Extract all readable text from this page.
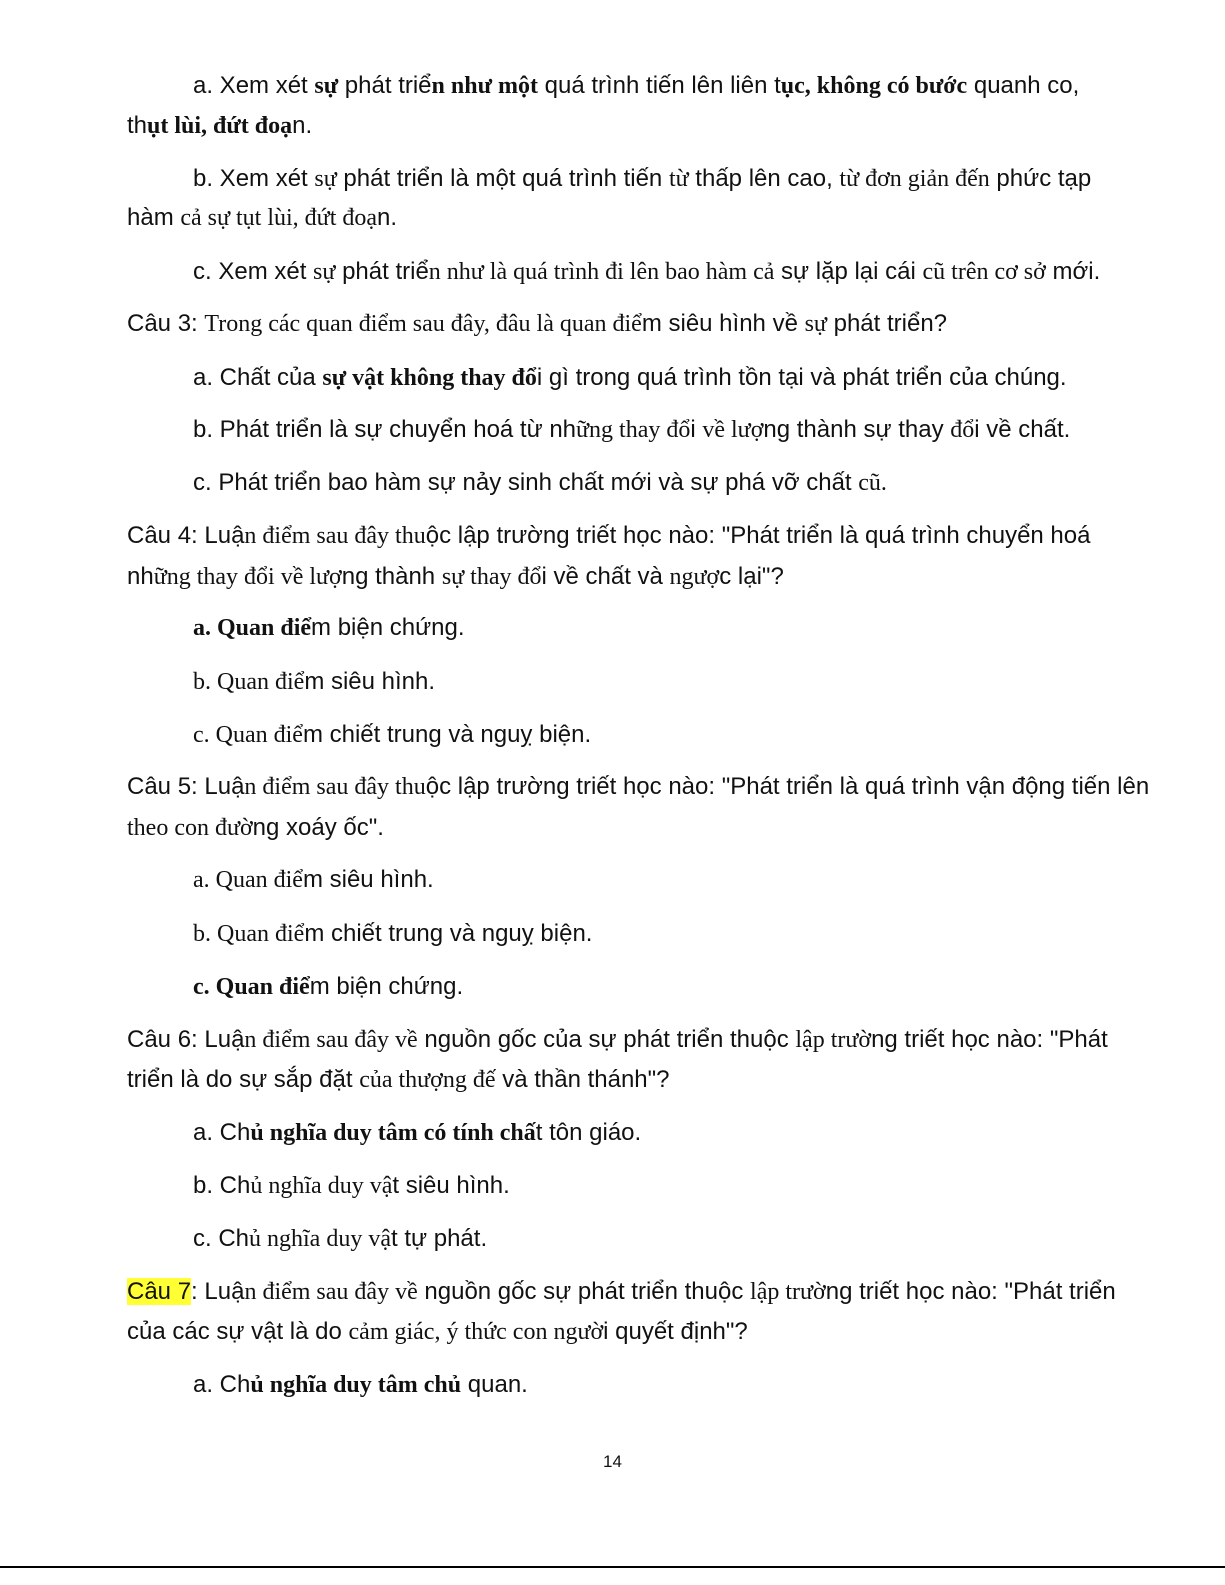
a. Xem xét sự phát triển như một quá trình tiến lên liên tục, không có bước quanh co,
thụt lùi, đứt đoạn.
b. Xem xét sự phát triển là một quá trình tiến từ thấp lên cao, từ đơn giản đến phức tạp
hàm cả sự tụt lùi, đứt đoạn.
c. Xem xét sự phát triển như là quá trình đi lên bao hàm cả sự lặp lại cái cũ trên cơ sở mới.
Câu 3: Trong các quan điểm sau đây, đâu là quan điểm siêu hình về sự phát triển?
a. Chất của sự vật không thay đổi gì trong quá trình tồn tại và phát triển của chúng.
b. Phát triển là sự chuyển hoá từ những thay đổi về lượng thành sự thay đổi về chất.
c. Phát triển bao hàm sự nảy sinh chất mới và sự phá vỡ chất cũ.
Câu 4: Luận điểm sau đây thuộc lập trường triết học nào: "Phát triển là quá trình chuyển hoá
những thay đổi về lượng thành sự thay đổi về chất và ngược lại"?
a. Quan điểm biện chứng.
b. Quan điểm siêu hình.
c. Quan điểm chiết trung và nguỵ biện.
Câu 5: Luận điểm sau đây thuộc lập trường triết học nào: "Phát triển là quá trình vận động tiến lên
theo con đường xoáy ốc".
a. Quan điểm siêu hình.
b. Quan điểm chiết trung và nguỵ biện.
c. Quan điểm biện chứng.
Câu 6: Luận điểm sau đây về nguồn gốc của sự phát triển thuộc lập trường triết học nào: "Phát
triển là do sự sắp đặt của thượng đế và thần thánh"?
a. Chủ nghĩa duy tâm có tính chất tôn giáo.
b. Chủ nghĩa duy vật siêu hình.
c. Chủ nghĩa duy vật tự phát.
Câu 7: Luận điểm sau đây về nguồn gốc sự phát triển thuộc lập trường triết học nào: "Phát triển
của các sự vật là do cảm giác, ý thức con người quyết định"?
a. Chủ nghĩa duy tâm chủ quan.
14
